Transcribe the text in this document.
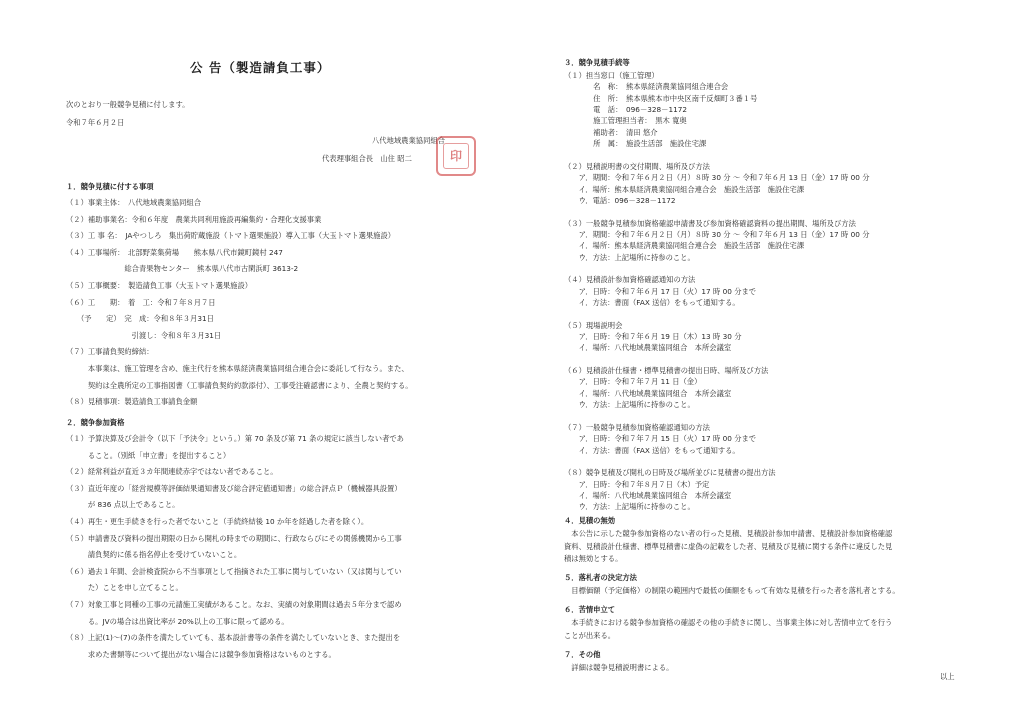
公 告（製造請負工事）
次のとおり一般競争見積に付します。
令和７年６月２日
八代地域農業協同組合
代表理事組合長　山住 昭二
１．競争見積に付する事項
（１）事業主体：　八代地域農業協同組合
（２）補助事業名：令和６年度　農業共同利用施設再編集約・合理化支援事業
（３）工 事 名：　JAやつしろ　集出荷貯蔵施設（トマト選果施設）導入工事（大玉トマト選果施設）
（４）工事場所：　北部野菜集荷場　　熊本県八代市鏡町鏡村 247
　　　　　　　　総合青果物センター　熊本県八代市古閑浜町 3613-2
（５）工事概要：　製造請負工事（大玉トマト選果施設）
（６）工　　期：　着　工：令和７年８月７日
　　（予　　定）　完　成：令和８年３月31日
　　　　　　　　　引渡し：令和８年３月31日
（７）工事請負契約締結：
　　　本事業は、施工管理を含め、施主代行を熊本県経済農業協同組合連合会に委託して行なう。また、
　　　契約は全農所定の工事指図書（工事請負契約約款添付）、工事受注確認書により、全農と契約する。
（８）見積事項：製造請負工事請負金額
２．競争参加資格
（１）予算決算及び会計令（以下「予決令」という。）第 70 条及び第 71 条の規定に該当しない者であ
　　　ること。（別紙「申立書」を提出すること）
（２）経常利益が直近３カ年間連続赤字ではない者であること。
（３）直近年度の「経営規模等評価結果通知書及び総合評定値通知書」の総合評点Ｐ（機械器具設置）
　　　が 836 点以上であること。
（４）再生・更生手続きを行った者でないこと（手続終結後 10 か年を経過した者を除く）。
（５）申請書及び資料の提出期限の日から開札の時までの期間に、行政ならびにその関係機関から工事
　　　請負契約に係る指名停止を受けていないこと。
（６）過去１年間、会計検査院から不当事項として指摘された工事に関与していない（又は関与してい
　　　た）ことを申し立てること。
（７）対象工事と同種の工事の元請施工実績があること。なお、実績の対象期間は過去５年分まで認め
　　　る。JVの場合は出資比率が 20%以上の工事に限って認める。
（８）上記(1)～(7)の条件を満たしていても、基本設計書等の条件を満たしていないとき、また提出を
　　　求めた書類等について提出がない場合には競争参加資格はないものとする。
印
３．競争見積手続等
（１）担当窓口（施工管理）
　　　　名　称：　熊本県経済農業協同組合連合会
　　　　住　所：　熊本県熊本市中央区南千反畑町３番１号
　　　　電　話：　096－328－1172
　　　　施工管理担当者：　黒木 寛奥
　　　　補助者：　清田 悠介
　　　　所　属：　施設生活部　施設住宅課
（２）見積説明書の交付期間、場所及び方法
　　ア．期間：令和７年６月２日（月）８時 30 分 ～ 令和７年６月 13 日（金）17 時 00 分
　　イ．場所：熊本県経済農業協同組合連合会　施設生活部　施設住宅課
　　ウ．電話：096－328－1172
（３）一般競争見積参加資格確認申請書及び参加資格確認資料の提出期間、場所及び方法
　　ア．期間：令和７年６月２日（月）８時 30 分 ～ 令和７年６月 13 日（金）17 時 00 分
　　イ．場所：熊本県経済農業協同組合連合会　施設生活部　施設住宅課
　　ウ．方法：上記場所に持参のこと。
（４）見積設計参加資格確認通知の方法
　　ア．日時：令和７年６月 17 日（火）17 時 00 分まで
　　イ．方法：書面（FAX 送信）をもって通知する。
（５）現場説明会
　　ア．日時：令和７年６月 19 日（木）13 時 30 分
　　イ．場所：八代地域農業協同組合　本所会議室
（６）見積設計仕様書・標準見積書の提出日時、場所及び方法
　　ア．日時：令和７年７月 11 日（金）
　　イ．場所：八代地域農業協同組合　本所会議室
　　ウ．方法：上記場所に持参のこと。
（７）一般競争見積参加資格確認通知の方法
　　ア．日時：令和７年７月 15 日（火）17 時 00 分まで
　　イ．方法：書面（FAX 送信）をもって通知する。
（８）競争見積及び開札の日時及び場所並びに見積書の提出方法
　　ア．日時：令和７年８月７日（木）予定
　　イ．場所：八代地域農業協同組合　本所会議室
　　ウ．方法：上記場所に持参のこと。
４．見積の無効
　本公告に示した競争参加資格のない者の行った見積、見積設計参加申請書、見積設計参加資格確認
資料、見積設計仕様書、標準見積書に虚偽の記載をした者、見積及び見積に関する条件に違反した見
積は無効とする。
５．落札者の決定方法
　目標価額（予定価格）の制限の範囲内で最低の価額をもって有効な見積を行った者を落札者とする。
６．苦情申立て
　本手続きにおける競争参加資格の確認その他の手続きに関し、当事業主体に対し苦情申立てを行う
ことが出来る。
７．その他
　詳細は競争見積説明書による。
以上
